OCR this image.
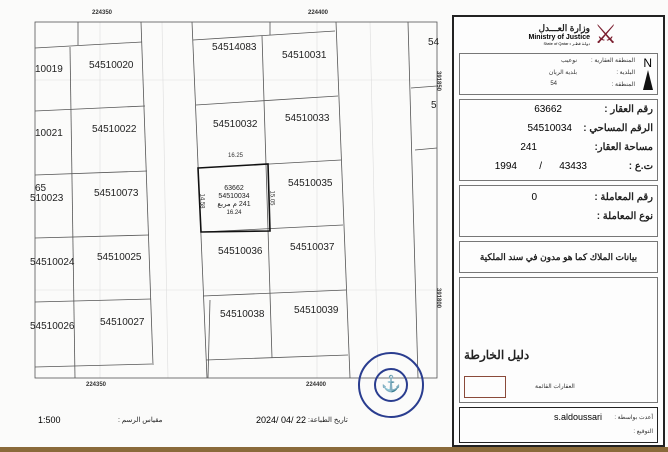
224350	224400
224350	224400
391850
391800
54514083
54510031
10019	54510020
10021	54510022
65
510023	54510073
54510032
54510033
54510035
54510036	54510037
54510024 54510025
54510038	54510039
54510026	54510027
54
5
63662
54510034
241 م مربع
16.24
16.25
14.58	15.05
⚓
1:500	مقياس الرسم :	2024/ 04/ 22 تاريخ الطباعة:
وزارة العـــدل
Ministry of Justice
State of Qatar • دولـة قطـر ⚔
N
المنطقة العقارية :
نوعيب
البلدية :
بلدية الريان
المنطقة :
54
رقم العقار :
63662
الرقم المساحي :
54510034
مساحة العقار:
241
ت.ع :
43433
/
1994
رقم المعاملة :
0
نوع المعاملة :
بيانات الملاك كما هو مدون في سند الملكية
دليل الخارطة
العقارات القائمة
أعدت بواسطة :
s.aldoussari
التوقيع :
